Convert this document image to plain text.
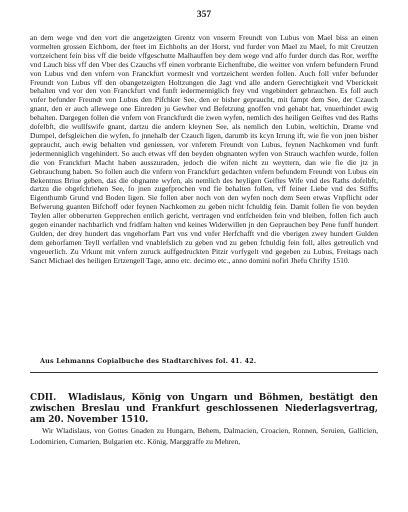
357

an dem wege vnd den vort die angetzeigten Grentz von vnserm Freundt von Lubus von Mael biss an einen vormelten grossen Eichbom, der fteet im Eichholts an der Horst, vnd furder von Mael zu Mael, fo mit Creutzen vortzeichent fein biss vff die beide vffgeschutte Malhauffen bey dem wege vnd alfo furder durch das Ror, werffte vnd Lauch biss vff den Vber des Czauchs vff einen vorbrante Eichenftube, die weitter von vnfern befundern Frund von Lubus vnd den vnfern von Franckfurt vormeslt vnd vortzeichent werden follen. Auch foll vnfer befunder Freundt von Lubus vff den obangetzeigten Holtzungen die Jagt vnd alle andern Gerechtigkeit vnd Vberickeit behalten vnd vor den von Franckfurt vnd funft iedermenniglich frey vnd vngebindert gebrauchen. Es foll auch vnfer befunder Freundt von Lubus den Pifchker See, den er bisher gepraucht, mit fampt dem See, der Czauch gnant, den er auch allewege one Einreden ju Gewher vnd Befetzung gnoffen vnd gehabt hat, vnuerhindet ewig behalten. Dargegen follen die vnfern von Franckfurdt die zwen wyfen, nemlich des heiligen Geiftes vnd des Raths dofelbft, die wullfswife gnant, dartzu die andern kleynen See, als nemlich den Lubin, weltichin, Drame vnd Dumpel, defsgleichen die wyfen, fo jnnehalb der Czauch ligen, darumb its kcyn Irrung ift, wie fie von jnen bisher gepraucht, auch ewig behalten vnd geniessen, vor vnferem Freundt von Lubus, feynen Nachkomen vnd funft jedermenniglich vngehindert. So auch etwas vff den beyden obgnanten wyfen von Strauch wachfen wurde, follen die von Franckfurt Macht haben ausszuraden, jedoch die wifen nicht zu weyttern, dan wie fie die jtz jn Gebrauchung haben. So follen auch die vnfern von Franckfurt gedachten vnfern befundern Freundt von Lubus ein Bekentnus Briue geben, das die obgnante wyfen, als nemlich des heyligen Geiftes Wife vnd des Raths dofelbft, dartzu die obgefchriehen See, fo jnen zugefprochen vnd fie behalten follen, vff feiner Liebe vnd des Stiffts Eigenthumb Grund vnd Boden ligen. Sie follen aber noch von den wyfen noch dem Seen etwas Vnpflicht oder Befwerung guanten Bifchoff oder feynen Nachkomen zu geben nicht fchuldig fein. Damit follen fie von beyden Teylen aller obberurten Gepprechen entlich gericht, vertragen vnd entfcheiden fein vnd bleiben, follen fich auch gegen einander nachbarlich vnd fridfam halten vnd keines Widerwillen jn den Geprauchen bey Pene funff hundert Gulden, der drey hundert das vngehorfam Part vns vnd vnfer Herfchafft vnd die vberigen zwey hundert Gulden dem gehorfamen Teyll verfallen vnd vnablefslich zu geben vnd zu geben fchuldig fein foll, alles getreulich vnd vngeuerlich. Zu Vrkunt mit vnfern zuruck auffgedruckten Pitzir vorfygelt vnd gegeben zu Lubus, Freitags nach Sanct Michael des heiligen Ertzengell Tage, anno etc. decimo etc., anno domini nofiri Jhefu Chrifty 1510.

Aus Lehmanns Copialbuche des Stadtarchives fol. 41. 42.

CDII. Wladislaus, König von Ungarn und Böhmen, bestätigt den zwischen Breslau und Frankfurt geschlossenen Niederlagsvertrag, am 20. November 1510.

Wir Wladislaus, von Gottes Gnaden zu Hungarn, Behem, Dalmacien, Croacien, Ronnen, Seruien, Gallicien, Lodomirien, Cumarien, Bulgarien etc. König, Marggraffe zu Mehren,
